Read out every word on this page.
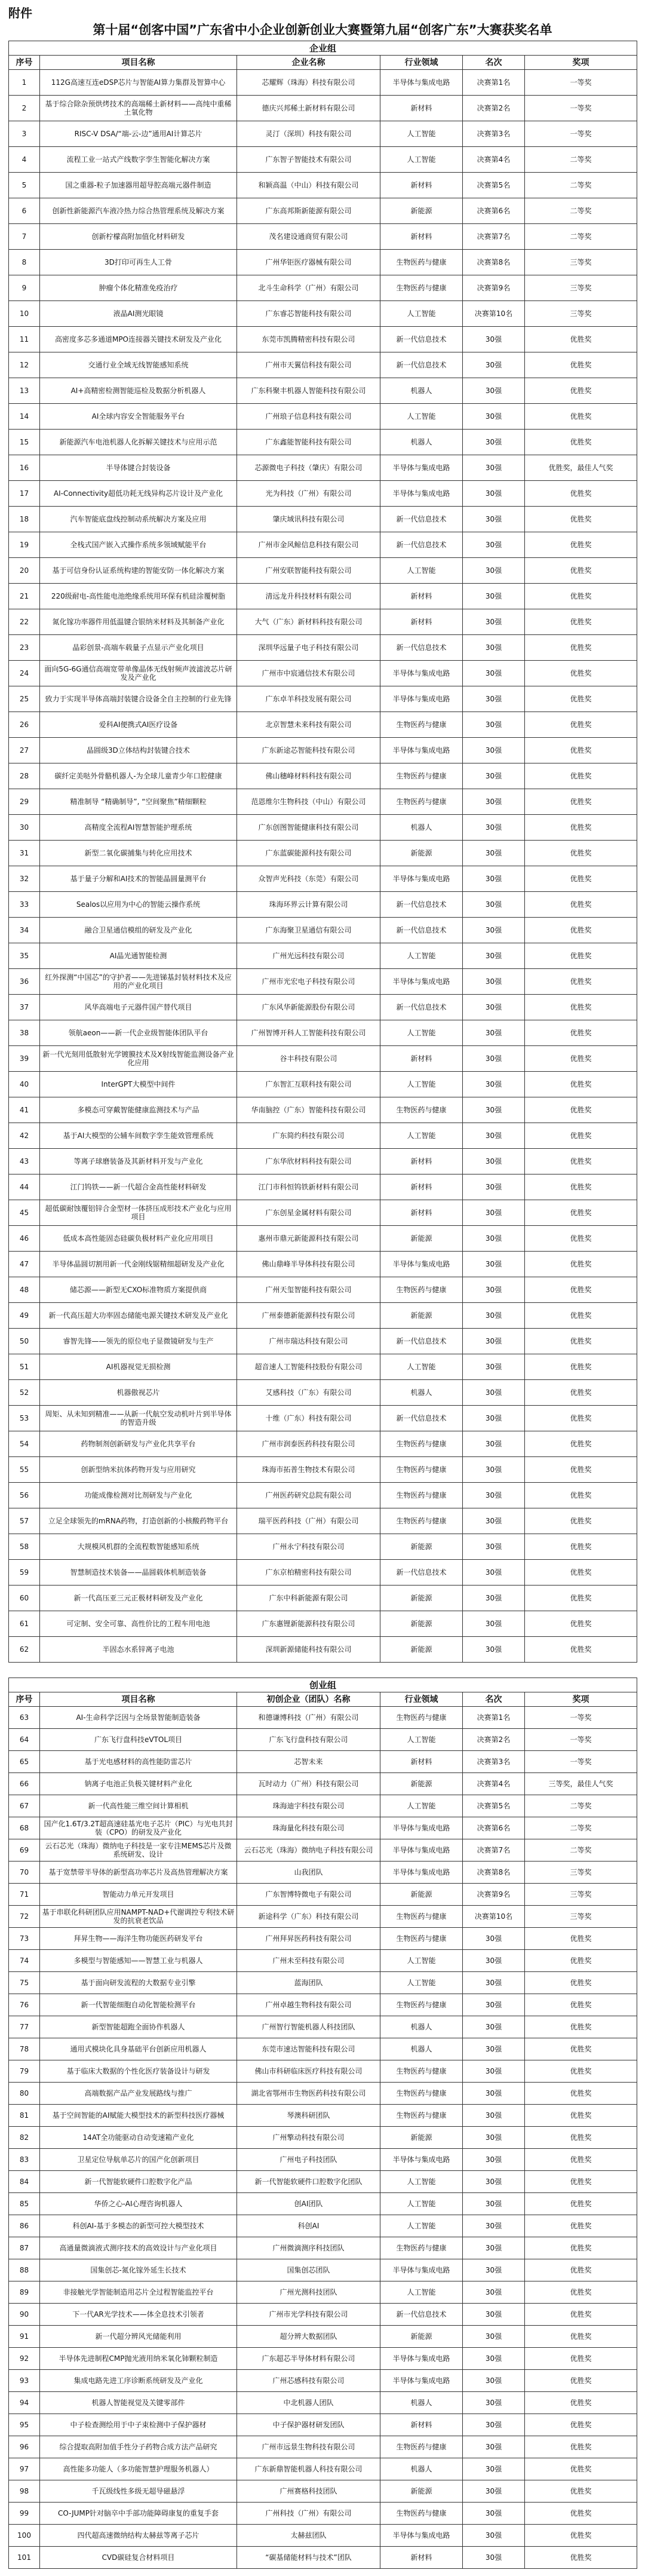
附件
第十届“创客中国”广东省中小企业创新创业大赛暨第九届“创客广东”大赛获奖名单
企业组					
序号	项目名称	企业名称	行业领域	名次	奖项
1	112G高速互连eDSP芯片与智能AI算力集群及智算中心	芯耀辉（珠海）科技有限公司	半导体与集成电路	决赛第1名	一等奖
2	基于综合除杂预烘烤技术的高端稀土新材料——高纯中重稀土氧化物	德庆兴邦稀土新材料有限公司	新材料	决赛第2名	一等奖
3	RISC-V DSA/“端-云-边”通用AI计算芯片	灵汀（深圳）科技有限公司	人工智能	决赛第3名	一等奖
4	流程工业一站式产线数字孪生智能化解决方案	广东智子智能技术有限公司	人工智能	决赛第4名	二等奖
5	国之重器-粒子加速器用超导腔高端元器件制造	和颖高温（中山）科技有限公司	新材料	决赛第5名	二等奖
6	创新性新能源汽车液冷热力综合热管理系统及解决方案	广东高邦斯新能源有限公司	新能源	决赛第6名	二等奖
7	创新柠檬高附加值化材料研发	茂名建设通商贸有限公司	新材料	决赛第7名	二等奖
8	3D打印可再生人工骨	广州华钜医疗器械有限公司	生物医药与健康	决赛第8名	三等奖
9	肿瘤个体化精准免疫治疗	北斗生命科学（广州）有限公司	生物医药与健康	决赛第9名	三等奖
10	液晶AI测光眼镜	广东睿芯智能科技有限公司	人工智能	决赛第10名	三等奖
11	高密度多芯多通道MPO连接器关键技术研发及产业化	东莞市凯腾精密科技有限公司	新一代信息技术	30强	优胜奖
12	交通行业全域无线智能感知系统	广州市天翼信科技有限公司	新一代信息技术	30强	优胜奖
13	AI+高精密检测智能巡检及数据分析机器人	广东科聚丰机器人智能科技有限公司	机器人	30强	优胜奖
14	AI全球内容安全智能服务平台	广州琅子信息科技有限公司	人工智能	30强	优胜奖
15	新能源汽车电池机器人化拆解关键技术与应用示范	广东鑫能智能科技有限公司	机器人	30强	优胜奖
16	半导体键合封装设备	芯源微电子科技（肇庆）有限公司	半导体与集成电路	30强	优胜奖，最佳人气奖
17	AI-Connectivity超低功耗无线异构芯片设计及产业化	光为科技（广州）有限公司	半导体与集成电路	30强	优胜奖
18	汽车智能底盘线控制动系统解决方案及应用	肇庆域讯科技有限公司	新一代信息技术	30强	优胜奖
19	全栈式国产嵌入式操作系统多领域赋能平台	广州市金风鲸信息科技有限公司	新一代信息技术	30强	优胜奖
20	基于可信身份认证系统构建的智能安防一体化解决方案	广州安联智能科技有限公司	人工智能	30强	优胜奖
21	220级耐电-高性能电池绝缘系统用环保有机硅涂覆树脂	清远龙升科技材料有限公司	新材料	30强	优胜奖
22	氮化镓功率器件用低温键合银纳米材料及其制备产业化	大气（广东）新材料科技有限公司	新材料	30强	优胜奖
23	晶彩创景-高端车载量子点显示产业化项目	深圳华远量子电子科技有限公司	新一代信息技术	30强	优胜奖
24	面向5G-6G通信高端宽带单像晶体无线射频声波滤波芯片研发及产业化	广州市中宸通信技术有限公司	半导体与集成电路	30强	优胜奖
25	致力于实现半导体高端封装键合设备全自主控制的行业先锋	广东卓羊科技发展有限公司	半导体与集成电路	30强	优胜奖
26	爱科AI便携式AI医疗设备	北京智慧未来科技有限公司	生物医药与健康	30强	优胜奖
27	晶圆级3D立体结构封装键合技术	广东新途芯智能科技有限公司	半导体与集成电路	30强	优胜奖
28	碳纤定美哒外骨骼机器人-为全球儿童青少年口腔健康	佛山穗峰材料科技有限公司	生物医药与健康	30强	优胜奖
29	精准制导 “精确制导”, “空间聚焦”精细颗粒	范恩维尔生物科技（中山）有限公司	生物医药与健康	30强	优胜奖
30	高精度全流程AI智慧智能护理系统	广东创图智能健康科技有限公司	机器人	30强	优胜奖
31	新型二氧化碳捕集与转化应用技术	广东蓝碳能源科技有限公司	新能源	30强	优胜奖
32	基于量子分解和AI技术的智能晶圆量测平台	众智声光科技（东莞）有限公司	半导体与集成电路	30强	优胜奖
33	Sealos以应用为中心的智能云操作系统	珠海环界云计算有限公司	新一代信息技术	30强	优胜奖
34	融合卫星通信模组的研发及产业化	广东海聚卫星通信有限公司	新一代信息技术	30强	优胜奖
35	AI晶光通智能检测	广州光远科技有限公司	人工智能	30强	优胜奖
36	红外探测“中国芯”的守护者——先进锑基封装材料技术及应用的产业化项目	广州市光宏电子科技有限公司	半导体与集成电路	30强	优胜奖
37	风华高端电子元器件国产替代项目	广东风华新能源股份有限公司	新一代信息技术	30强	优胜奖
38	领航aeon——新一代企业级智能体团队平台	广州智博开科人工智能科技有限公司	人工智能	30强	优胜奖
39	新一代光刻用低散射光学镀膜技术及X射线智能监测设备产业化应用	谷丰科技有限公司	新材料	30强	优胜奖
40	InterGPT大模型中间件	广东智汇互联科技有限公司	人工智能	30强	优胜奖
41	多模态可穿戴智能健康监测技术与产品	华南脑控（广东）智能科技有限公司	生物医药与健康	30强	优胜奖
42	基于AI大模型的公辅车间数字孪生能效管理系统	广东简约科技有限公司	人工智能	30强	优胜奖
43	等离子球磨装备及其新材料开发与产业化	广东华欣材料科技有限公司	新材料	30强	优胜奖
44	江门钨铁——新一代超合金高性能材料研发	江门市科恒钨铁新材料有限公司	新材料	30强	优胜奖
45	超低碳耐蚀覆铝锌合金型材一体挤压成形技术产业化与应用项目	广东创星金属材料有限公司	新材料	30强	优胜奖
46	低成本高性能固态硅碳负极材料产业化应用项目	惠州市鼎元新能源科技有限公司	新能源	30强	优胜奖
47	半导体晶圆切割用新一代金刚线锯精细超研发及产业化	佛山鼎峰半导体科技有限公司	半导体与集成电路	30强	优胜奖
48	储芯源——新型无CXO标准物质方案提供商	广州天玺智能科技有限公司	生物医药与健康	30强	优胜奖
49	新一代高压超大功率固态储能电源关键技术研发及产业化	广州泰德新能源科技有限公司	新能源	30强	优胜奖
50	睿智先锋——领先的原位电子显微镜研发与生产	广州市瑞达科技有限公司	新一代信息技术	30强	优胜奖
51	AI机器视觉无损检测	超音速人工智能科技股份有限公司	人工智能	30强	优胜奖
52	机器傲视芯片	艾感科技（广东）有限公司	机器人	30强	优胜奖
53	周矩、从未知到精准——从新一代航空发动机叶片到半导体的智造升级	十维（广东）科技有限公司	新一代信息技术	30强	优胜奖
54	药物制剂创新研发与产业化共享平台	广州市润泰医药科技有限公司	生物医药与健康	30强	优胜奖
55	创新型纳米抗体药物开发与应用研究	珠海市拓普生物技术有限公司	生物医药与健康	30强	优胜奖
56	功能成像检测对比剂研发与产业化	广州医药研究总院有限公司	生物医药与健康	30强	优胜奖
57	立足全球领先的mRNA药物，打造创新的小核酸药物平台	瑞平医药科技（广州）有限公司	生物医药与健康	30强	优胜奖
58	大规模风机群的全流程数智能感知系统	广州永宁科技有限公司	新能源	30强	优胜奖
59	智慧制造技术装备——晶圆载体机制造装备	广东京柏精密科技有限公司	新一代信息技术	30强	优胜奖
60	新一代高压亚三元正极材料研发及产业化	广东中科新能源有限公司	新能源	30强	优胜奖
61	可定制、安全可靠、高性价比的工程车用电池	广东惠锂新能源科技有限公司	新能源	30强	优胜奖
62	半固态水系锌离子电池	深圳新源储能科技有限公司	新能源	30强	优胜奖
创业组					
序号	项目名称	初创企业（团队）名称	行业领域	名次	奖项
63	AI-生命科学泛因与全场景智能制造装备	和德谦博科技（广州）有限公司	生物医药与健康	决赛第1名	一等奖
64	广东飞行盘科技eVTOL项目	广东飞行盘科技有限公司	人工智能	决赛第2名	一等奖
65	基于光电感材料的高性能防雷芯片	芯智未来	新材料	决赛第3名	一等奖
66	钠离子电池正负极关键材料产业化	瓦时动力（广州）科技有限公司	新能源	决赛第4名	三等奖，最佳人气奖
67	新一代高性能三维空间计算相机	珠海迪宇科技有限公司	人工智能	决赛第5名	二等奖
68	国产化1.6T/3.2T超高速硅基光电子芯片（PIC）与光电共封装（CPO）的研发及产业化	珠海量化科技有限公司	半导体与集成电路	决赛第6名	二等奖
69	云石芯光（珠海）微纳电子科技是一家专注MEMS芯片及微系统研发、设计	云石芯光（珠海）微纳电子科技有限公司	半导体与集成电路	决赛第7名	二等奖
70	基于宽禁带半导体的新型高功率芯片及高热管理解决方案	山我团队	半导体与集成电路	决赛第8名	三等奖
71	智能动力单元开发项目	广东智博特微电子有限公司	新能源	决赛第9名	三等奖
72	基于串联化科研团队应用NAMPT-NAD+代谢调控专利技术研发的抗衰老饮品	新途科学（广东）科技有限公司	生物医药与健康	决赛第10名	三等奖
73	拜昇生物——海洋生物功能医药研发平台	广州拜昇医药科技有限公司	生物医药与健康	30强	优胜奖
74	多模型与智能感知——智慧工业与机器人	广州未至科技有限公司	人工智能	30强	优胜奖
75	基于面向研发流程的大数据专业引擎	蓝海团队	人工智能	30强	优胜奖
76	新一代智能细胞自动化智能检测平台	广州卓越生物科技有限公司	生物医药与健康	30强	优胜奖
77	新型智能超跑全面协作机器人	广州智行智能机器人科技团队	机器人	30强	优胜奖
78	通用式模块化具身基础平台创新应用机器人	东莞市速达智能科技有限公司	机器人	30强	优胜奖
79	基于临床大数据的个性化医疗装备设计与研发	佛山市科研临床医疗科技有限公司	生物医药与健康	30强	优胜奖
80	高端数据产品产业发展路线与推广	湖北省鄂州市生物医药科技有限公司	生物医药与健康	30强	优胜奖
81	基于空间智能的AI赋能大模型技术的新型科技医疗器械	琴澳科研团队	生物医药与健康	30强	优胜奖
82	14AT全功能驱动自动变速箱产业化	广州擎动科技有限公司	新能源	30强	优胜奖
83	卫星定位导航单芯片的国产化创新项目	广州电子科技团队	半导体与集成电路	30强	优胜奖
84	新一代智能软硬件口腔数字化产品	新一代智能软硬件口腔数字化团队	人工智能	30强	优胜奖
85	华侨之心-AI心理咨询机器人	创AI团队	人工智能	30强	优胜奖
86	科创AI-基于多模态的新型可控大模型技术	科创AI	人工智能	30强	优胜奖
87	高通量微滴液式测序技术的高效设计与产业化项目	广州微滴测序科技团队	生物医药与健康	30强	优胜奖
88	国集创芯-氮化镓外延生长技术	国集创芯团队	半导体与集成电路	30强	优胜奖
89	非接触光学智能制造用芯片全过程智能监控平台	广州光测科技团队	人工智能	30强	优胜奖
90	下一代AR光学技术——体全息技术引领者	广州市光学科技有限公司	新一代信息技术	30强	优胜奖
91	新一代超分辨风光储能利用	超分辨大数据团队	新能源	30强	优胜奖
92	半导体先进制程CMP抛光液用纳米氧化铈颗粒制造	广东超芯半导体材料有限公司	半导体与集成电路	30强	优胜奖
93	集成电路先进工序诊断系统研发及产业化	广州芯感科技有限公司	半导体与集成电路	30强	优胜奖
94	机器人智能视觉及关键零部件	中北机器人团队	机器人	30强	优胜奖
95	中子检查测绘用于中子束检测中子保护器材	中子保护器材研发团队	新材料	30强	优胜奖
96	综合提取高附加值手性分子药物合成方法产品研究	广州市远景生物科技有限公司	生物医药与健康	30强	优胜奖
97	高性能多功能人（多功能智慧护理服务机器人）	广东新鼎智能机器人科技有限公司	机器人	30强	优胜奖
98	千瓦级线性多级无超导磁悬浮	广州赛格科技团队	新能源	30强	优胜奖
99	CO-JUMP针对脑卒中手部功能障碍康复的重复手套	广州科技（广州）有限公司	生物医药与健康	30强	优胜奖
100	四代超高速微纳结构太赫兹等离子芯片	太赫兹团队	半导体与集成电路	30强	优胜奖
101	CVD碳硅复合材料项目	“碳基储能材料与技术”团队	新材料	30强	优胜奖
